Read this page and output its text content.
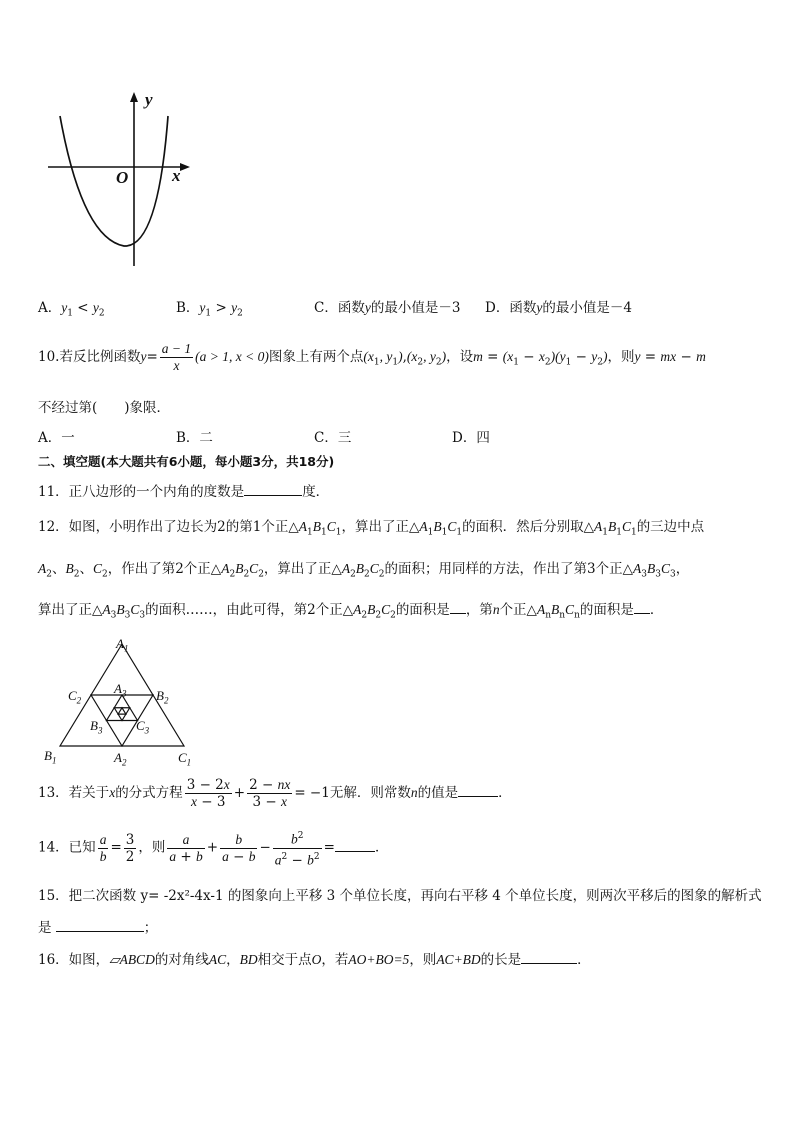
y
x
O
A．$y_1 < y_2$	B．$y_1 > y_2$	C．函数y的最小值是－3 D．函数y的最小值是－4
10.若反比例函数$y= \frac{a - 1}{x} (a > 1$, x < 0)图象上有两个点($x_1$, $y_1),(x_2$, $y_2$)，设$m = (x_1 - x_2)(y_1 - y_2)$，则y = mx − m
不经过第(　　)象限．
A．一	B．二	C．三	D．四
二、填空题(本大题共有6小题，每小题3分，共18分)
11．正八边形的一个内角的度数是	度．
12．如图，小明作出了边长为2的第1个正$\triangle A_1B_1C_1$，算出了正$\triangle A_1B_1C_1$的面积．然后分别取$\triangle A_1B_1C_1$的三边中点
$A_2$、$B_2$、$C_2$，作出了第2个正$\triangle A_2B_2C_2$，算出了正$\triangle A_2B_2C_2$的面积；用同样的方法，作出了第3个正$\triangle A_3B_3C_3$，
算出了正$\triangle A_3B_3C_3$的面积……，由此可得，第2个正$\triangle A_2B_2C_2$的面积是 ，第n个正$\triangle A_nB_nC_n$的面积是 ．
$A_1$
$B_1$	$C_1$
$A_2$
$B_2$
$C_2$
$A_3$
$B_3$	$C_3$
13．若关于x的分式方程 $\frac{3 - 2x}{x - 3} + \frac{2 - nx}{3 - x} = -1$无解．则常数n的值是	．
14．已知 $\frac{a}{b} = \frac{3}{2}$ ，则 $\frac{a}{a + b} + \frac{b}{a - b} - \frac{b^2}{a^2 - b^2}$ =	．
15．把二次函数 y= -2x²-4x-1 的图象向上平移 3 个单位长度，再向右平移 4 个单位长度，则两次平移后的图象的解析式
是	；
16．如图，▱ABCD的对角线AC，BD相交于点O，若AO+BO=5，则AC+BD的长是	．
